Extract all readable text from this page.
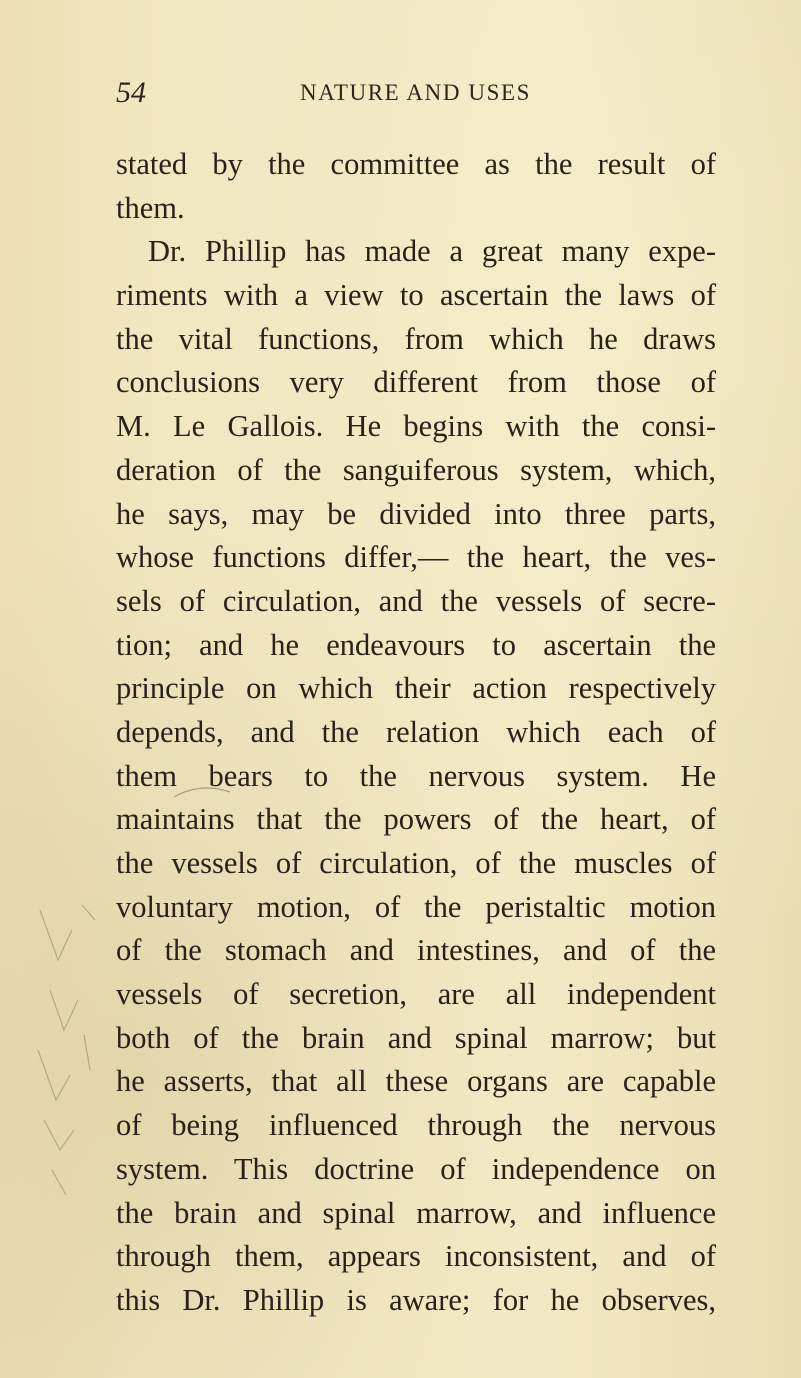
54	NATURE AND USES
stated by the committee as the result of
them.
Dr. Phillip has made a great many expe-
riments with a view to ascertain the laws of
the vital functions, from which he draws
conclusions very different from those of
M. Le Gallois. He begins with the consi-
deration of the sanguiferous system, which,
he says, may be divided into three parts,
whose functions differ,— the heart, the ves-
sels of circulation, and the vessels of secre-
tion; and he endeavours to ascertain the
principle on which their action respectively
depends, and the relation which each of
them bears to the nervous system. He
maintains that the powers of the heart, of
the vessels of circulation, of the muscles of
voluntary motion, of the peristaltic motion
of the stomach and intestines, and of the
vessels of secretion, are all independent
both of the brain and spinal marrow; but
he asserts, that all these organs are capable
of being influenced through the nervous
system. This doctrine of independence on
the brain and spinal marrow, and influence
through them, appears inconsistent, and of
this Dr. Phillip is aware; for he observes,
